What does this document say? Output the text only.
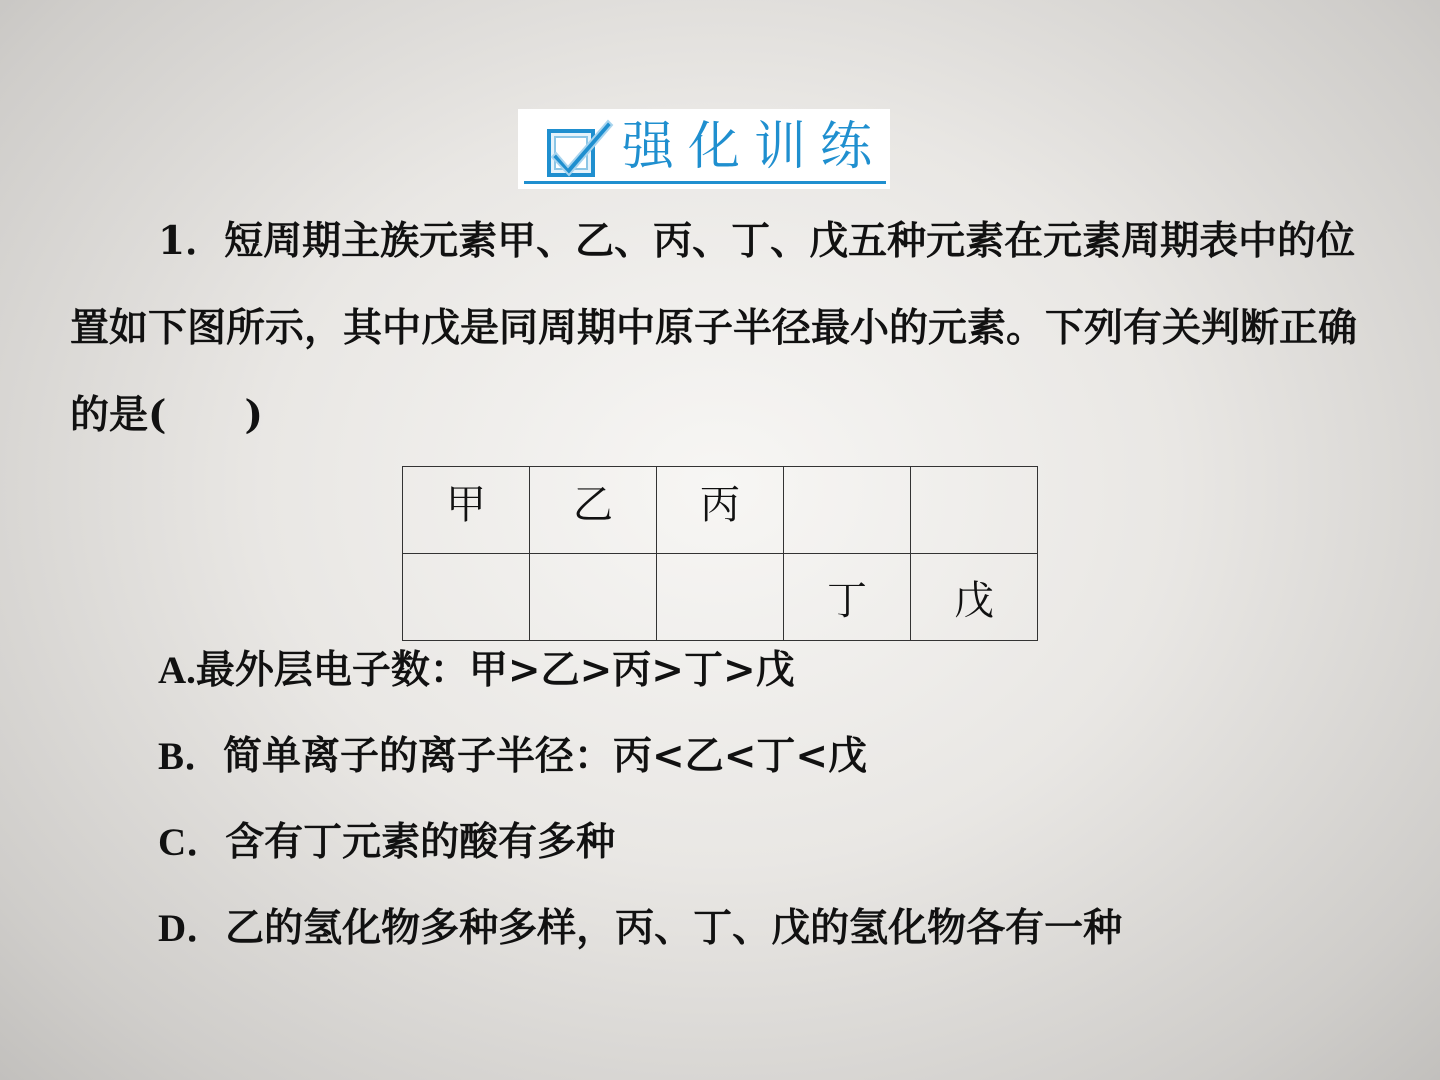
强化训练
1．短周期主族元素甲、乙、丙、丁、戊五种元素在元素周期表中的位置如下图所示，其中戊是同周期中原子半径最小的元素。下列有关判断正确的是(　　)
甲	乙	丙		
			丁	戊
A.最外层电子数：甲>乙>丙>丁>戊
B．简单离子的离子半径：丙<乙<丁<戊
C．含有丁元素的酸有多种
D．乙的氢化物多种多样，丙、丁、戊的氢化物各有一种
